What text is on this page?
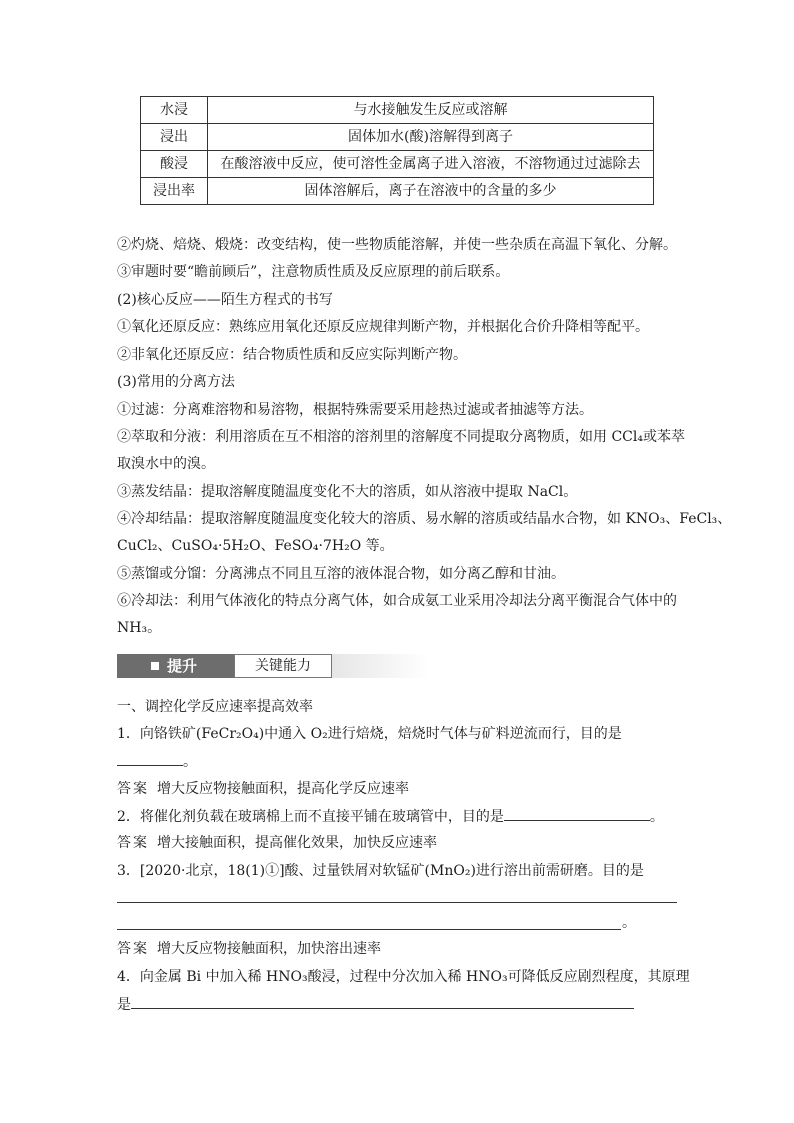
水浸	与水接触发生反应或溶解
浸出	固体加水(酸)溶解得到离子
酸浸	在酸溶液中反应，使可溶性金属离子进入溶液，不溶物通过过滤除去
浸出率	固体溶解后，离子在溶液中的含量的多少
②灼烧、焙烧、煅烧：改变结构，使一些物质能溶解，并使一些杂质在高温下氧化、分解。
③审题时要“瞻前顾后”，注意物质性质及反应原理的前后联系。
(2)核心反应——陌生方程式的书写
①氧化还原反应：熟练应用氧化还原反应规律判断产物，并根据化合价升降相等配平。
②非氧化还原反应：结合物质性质和反应实际判断产物。
(3)常用的分离方法
①过滤：分离难溶物和易溶物，根据特殊需要采用趁热过滤或者抽滤等方法。
②萃取和分液：利用溶质在互不相溶的溶剂里的溶解度不同提取分离物质，如用 CCl₄或苯萃
取溴水中的溴。
③蒸发结晶：提取溶解度随温度变化不大的溶质，如从溶液中提取 NaCl。
④冷却结晶：提取溶解度随温度变化较大的溶质、易水解的溶质或结晶水合物，如 KNO₃、FeCl₃、
CuCl₂、CuSO₄·5H₂O、FeSO₄·7H₂O 等。
⑤蒸馏或分馏：分离沸点不同且互溶的液体混合物，如分离乙醇和甘油。
⑥冷却法：利用气体液化的特点分离气体，如合成氨工业采用冷却法分离平衡混合气体中的
NH₃。
提升	关键能力
一、调控化学反应速率提高效率
1．向铬铁矿(FeCr₂O₄)中通入 O₂进行焙烧，焙烧时气体与矿料逆流而行，目的是
。
答案 增大反应物接触面积，提高化学反应速率
2．将催化剂负载在玻璃棉上而不直接平铺在玻璃管中，目的是	。
答案 增大接触面积，提高催化效果，加快反应速率
3．[2020·北京，18(1)①]酸、过量铁屑对软锰矿(MnO₂)进行溶出前需研磨。目的是
。
答案 增大反应物接触面积，加快溶出速率
4．向金属 Bi 中加入稀 HNO₃酸浸，过程中分次加入稀 HNO₃可降低反应剧烈程度，其原理
是
